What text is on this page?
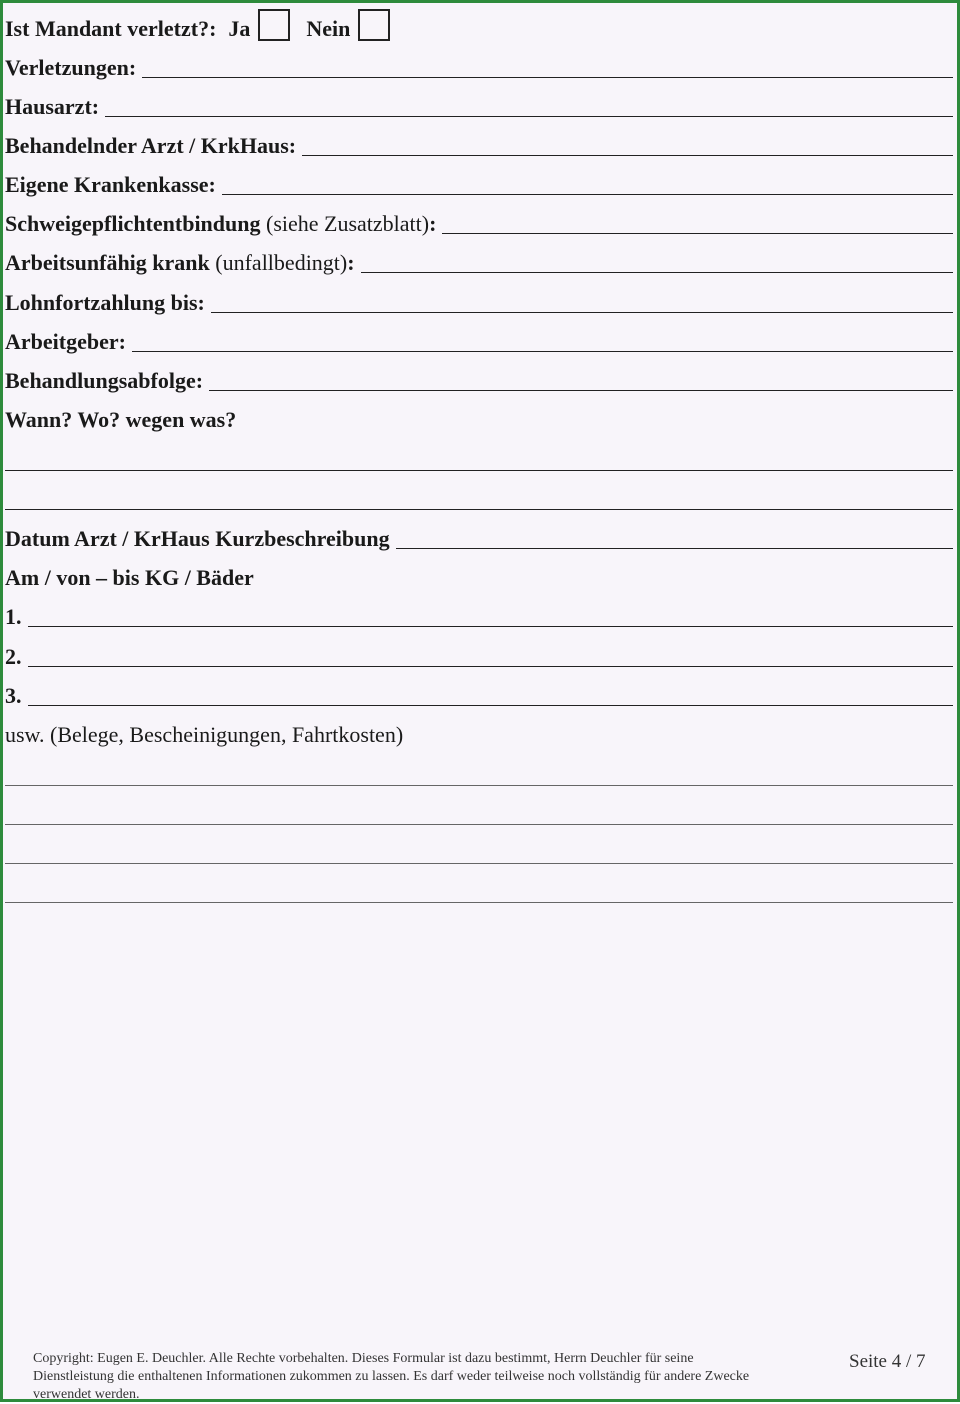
Ist Mandant verletzt?: Ja	Nein
Verletzungen:
Hausarzt:
Behandelnder Arzt / KrkHaus:
Eigene Krankenkasse:
Schweigepflichtentbindung (siehe Zusatzblatt):
Arbeitsunfähig krank (unfallbedingt):
Lohnfortzahlung bis:
Arbeitgeber:
Behandlungsabfolge:
Wann? Wo? wegen was?
Datum Arzt / KrHaus Kurzbeschreibung
Am / von – bis KG / Bäder
1.
2.
3.
usw. (Belege, Bescheinigungen, Fahrtkosten)
Copyright: Eugen E. Deuchler. Alle Rechte vorbehalten. Dieses Formular ist dazu bestimmt, Herrn Deuchler für seine Dienstleistung die enthaltenen Informationen zukommen zu lassen. Es darf weder teilweise noch vollständig für andere Zwecke verwendet werden.
Seite 4 / 7
